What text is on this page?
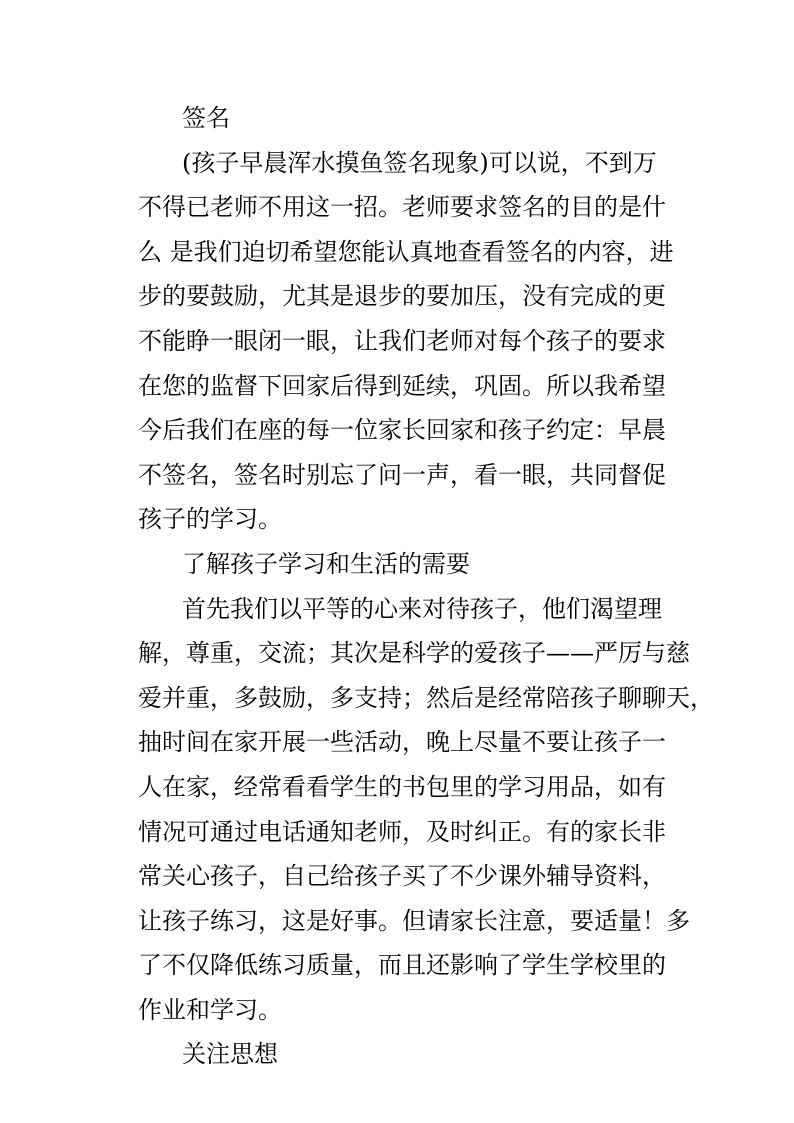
签名
(孩子早晨浑水摸鱼签名现象)可以说，不到万
不得已老师不用这一招。老师要求签名的目的是什
么 是我们迫切希望您能认真地查看签名的内容，进
步的要鼓励，尤其是退步的要加压，没有完成的更
不能睁一眼闭一眼，让我们老师对每个孩子的要求
在您的监督下回家后得到延续，巩固。所以我希望
今后我们在座的每一位家长回家和孩子约定：早晨
不签名，签名时别忘了问一声，看一眼，共同督促
孩子的学习。
了解孩子学习和生活的需要
首先我们以平等的心来对待孩子，他们渴望理
解，尊重，交流；其次是科学的爱孩子——严厉与慈
爱并重，多鼓励，多支持；然后是经常陪孩子聊聊天，
抽时间在家开展一些活动，晚上尽量不要让孩子一
人在家，经常看看学生的书包里的学习用品，如有
情况可通过电话通知老师，及时纠正。有的家长非
常关心孩子，自己给孩子买了不少课外辅导资料，
让孩子练习，这是好事。但请家长注意，要适量！多
了不仅降低练习质量，而且还影响了学生学校里的
作业和学习。
关注思想
